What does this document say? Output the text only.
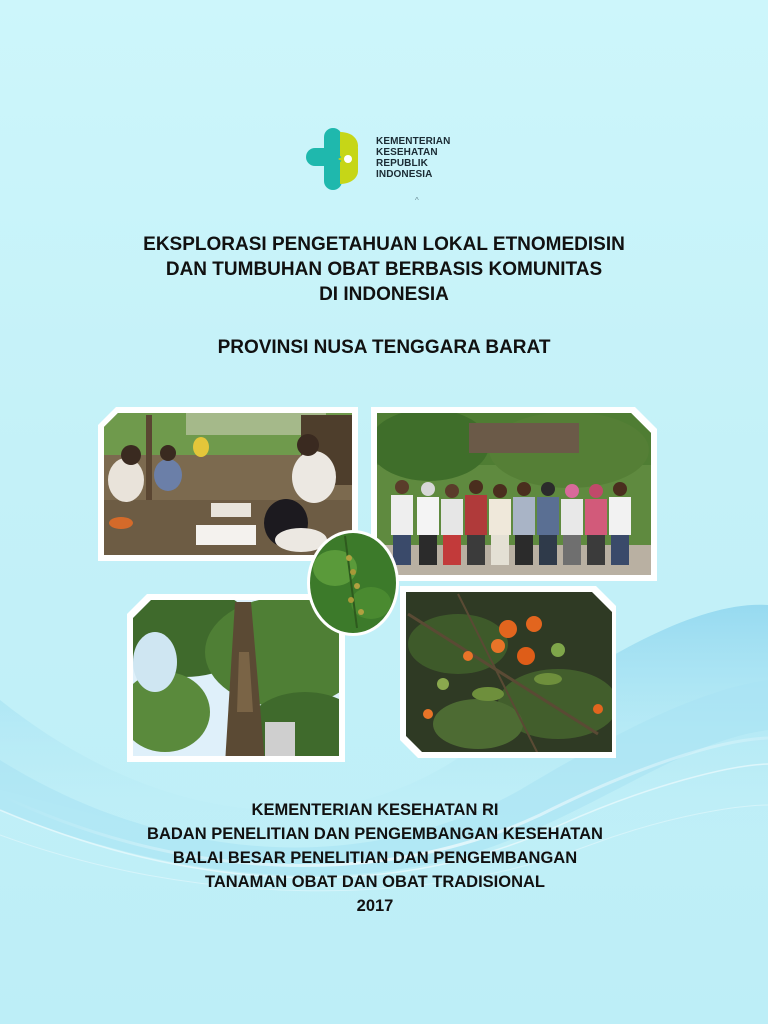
KEMENTERIAN
KESEHATAN
REPUBLIK
INDONESIA
^
EKSPLORASI PENGETAHUAN LOKAL ETNOMEDISIN
DAN TUMBUHAN OBAT BERBASIS KOMUNITAS
DI INDONESIA
PROVINSI NUSA TENGGARA BARAT
KEMENTERIAN KESEHATAN RI
BADAN PENELITIAN DAN PENGEMBANGAN KESEHATAN
BALAI BESAR PENELITIAN DAN PENGEMBANGAN
TANAMAN OBAT DAN OBAT TRADISIONAL
2017
